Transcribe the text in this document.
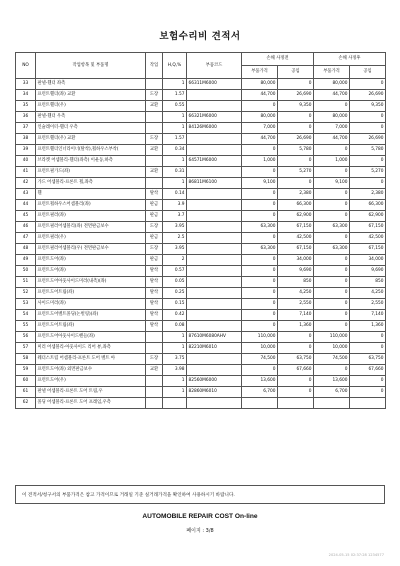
보험수리비 견적서
NO	작업항목 및 부품명	작업	H,Q,%	부품코드	손해 사정전		손해 사정후	
					부품가격	공임	부품가격	공임
33	판넬-휀더 좌측		1	66311M6000	80,000	0	80,000	0
34	프런트휀더(좌) 교환	도장	1.57		44,700	26,690	44,700	26,690
35	프런트휀더(우)	교환	0.55		0	9,350	0	9,350
36	판넬-휀더 우측		1	66321M6000	80,000	0	80,000	0
37	인슐레이터-휀더 우측		1	84126M6000	7,000	0	7,000	0
38	프런트휀더(우) 교환	도장	1.57		44,700	26,690	44,700	26,690
39	프런트휀더인너라이너(탈착),휠하우스부착(	교환	0.34		0	5,780	0	5,780
40	브라켓 어셈블리-휀더(좌측) 이운동,하측		1	64571M6000	1,000	0	1,000	0
41	프런트필가드(좌)	교환	0.31		0	5,270	0	5,270
42	가드 어셈블리-프론트 휠,좌측		1	86811M6100	9,100	0	9,100	0
43	휀	탈착	0.14		0	2,380	0	2,380
44	프런트휠하우스어셈블리(좌)	판금	3.9		0	66,300	0	66,300
45	프런트필러(좌)	판금	3.7		0	62,900	0	62,900
46	프런트필러어셈블리(좌) 전면판금보수	도장	3.95		63,300	67,150	63,300	67,150
47	프런트필러(우)	판금	2.5		0	42,500	0	42,500
48	프런트필러어셈블리(우) 전면판금보수	도장	3.95		63,300	67,150	63,300	67,150
49	프런트도어(좌)	판금	2		0	34,000	0	34,000
50	프런트도어(좌)	탈착	0.57		0	9,690	0	9,690
51	프런트도어아웃사이드미러(내측)(좌)	탈착	0.05		0	850	0	850
52	프런트도어트림(좌)	탈착	0.25		0	4,250	0	4,250
53	사이드미러(좌)	탈착	0.15		0	2,550	0	2,550
54	프런트도어벨트몰딩(논벌링)(좌)	탈착	0.42		0	7,140	0	7,140
55	프런트도어트림(좌)	탈착	0.08		0	1,360	0	1,360
56	프런트도어아웃사이드핸들(좌)		1	87610M6080AHV	110,000	0	110,000	0
57	미러 어셈블리-아웃사이드 리어 뷰,좌측		1	82210M6010	10,000	0	10,000	0
58	웨더스트립 어셈블리-프론트 도어 벨트 아	도장	3.75		74,500	63,750	74,500	63,750
59	프런트도어(좌) 외면판금보수	교환	3.98		0	67,660	0	67,660
60	프런트도어(우)		1	82560M6000	13,600	0	13,600	0
61	판넬 어셈블리-프론트 도어 트림,우		1	82860M6010	6,700	0	6,700	0
62	몰딩 어셈블리-프론트 도어 프레임,우측							
이 견적서/청구서의 부품가격은 참고 가격이므로 거래일 기준 실거래가격을 확인하여 사용하시기 바랍니다.
AUTOMOBILE REPAIR COST On-line
페이지 : 3/8
2024-05-15 02:37:28 1234577
